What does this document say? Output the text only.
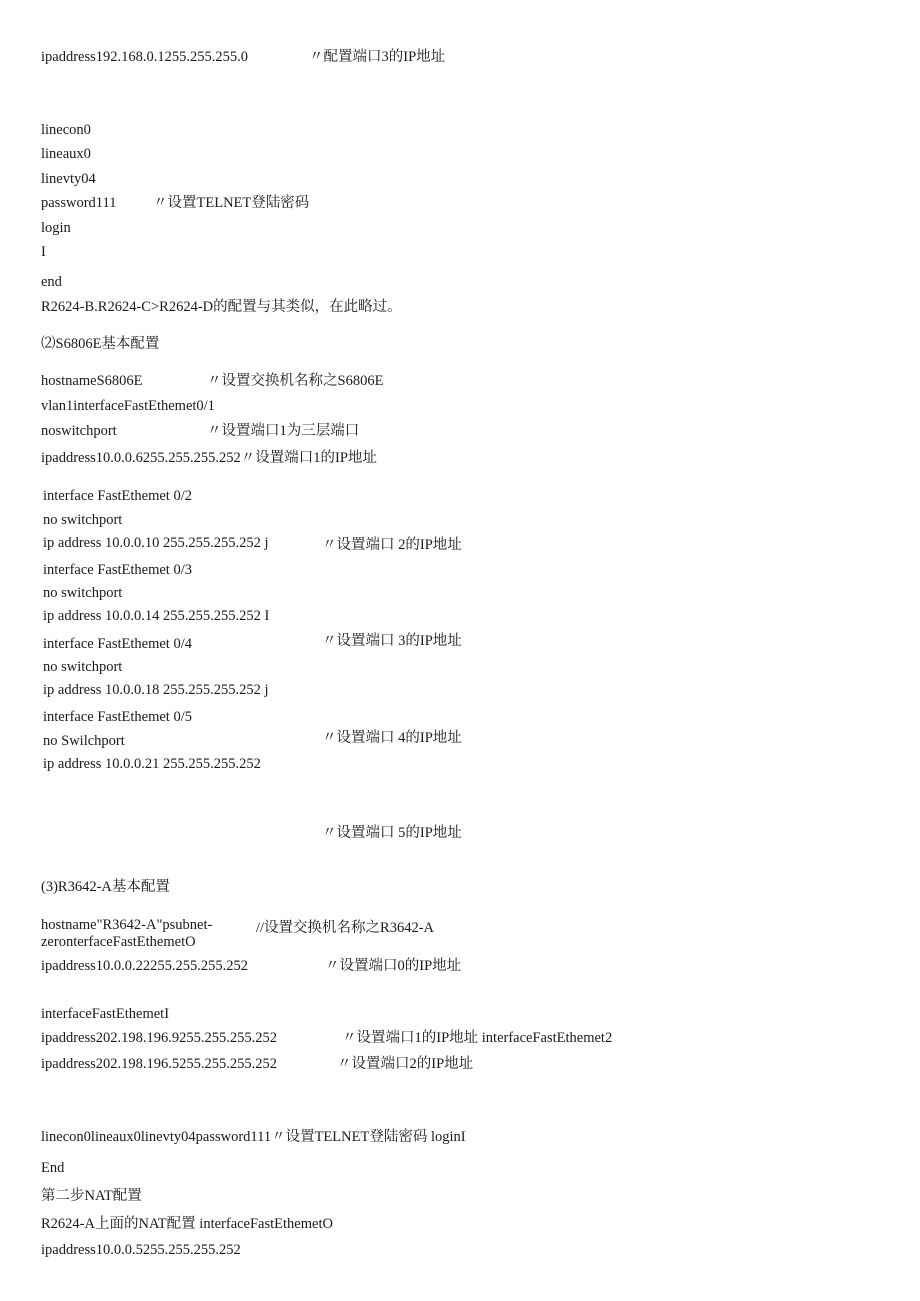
ipaddress192.168.0.1255.255.255.0	〃配置端口3的IP地址
linecon0
lineaux0
linevty04
password111	〃设置TELNET登陆密码
login
I
end
R2624-B.R2624-C>R2624-D的配置与其类似，在此略过。
⑵S6806E基本配置
hostnameS6806E	〃设置交换机名称之S6806E
vlan1interfaceFastEthemet0/1
noswitchport	〃设置端口1为三层端口
ipaddress10.0.0.6255.255.255.252〃设置端口1的IP地址
interface FastEthemet 0/2
no switchport
ip address 10.0.0.10 255.255.255.252 j	〃设置端口 2的IP地址
interface FastEthemet 0/3
no switchport
ip address 10.0.0.14 255.255.255.252 I
interface FastEthemet 0/4	〃设置端口 3的IP地址
no switchport
ip address 10.0.0.18 255.255.255.252 j
interface FastEthemet 0/5
no Swilchport	〃设置端口 4的IP地址
ip address 10.0.0.21 255.255.255.252
〃设置端口 5的IP地址
(3)R3642-A基本配置
hostname"R3642-A"psubnet-
zeronterfaceFastEthemetO
//设置交换机名称之R3642-A
ipaddress10.0.0.22255.255.255.252	〃设置端口0的IP地址
interfaceFastEthemetI
ipaddress202.198.196.9255.255.255.252	〃设置端口1的IP地址 interfaceFastEthemet2
ipaddress202.198.196.5255.255.255.252	〃设置端口2的IP地址
linecon0lineaux0linevty04password111〃设置TELNET登陆密码 loginI
End
第二步NAT配置
R2624-A上面的NAT配置 interfaceFastEthemetO
ipaddress10.0.0.5255.255.255.252
